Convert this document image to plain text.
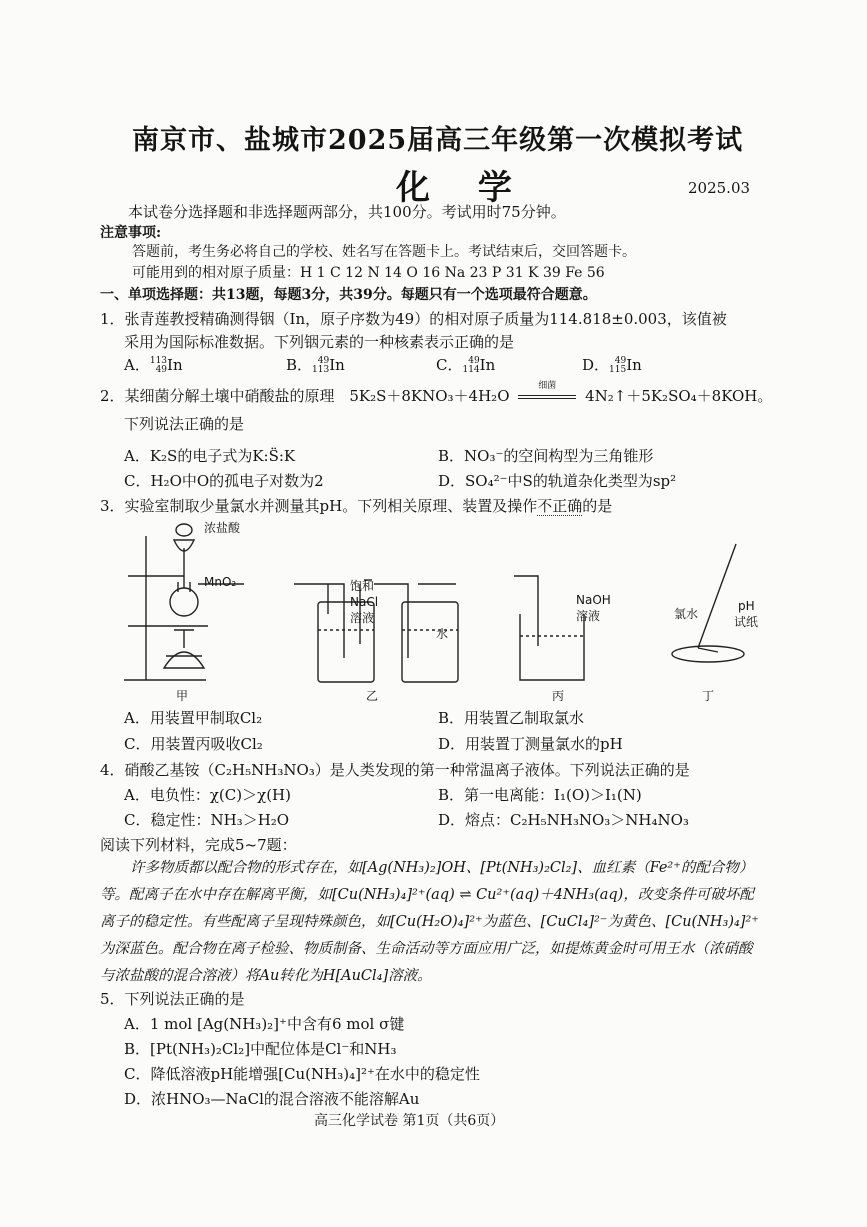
南京市、盐城市2025届高三年级第一次模拟考试
化 学	2025.03
本试卷分选择题和非选择题两部分，共100分。考试用时75分钟。
注意事项:
答题前，考生务必将自己的学校、姓名写在答题卡上。考试结束后，交回答题卡。
可能用到的相对原子质量：H 1 C 12 N 14 O 16 Na 23 P 31 K 39 Fe 56
一、单项选择题：共13题，每题3分，共39分。每题只有一个选项最符合题意。
1．张青莲教授精确测得铟（In，原子序数为49）的相对原子质量为114.818±0.003，该值被
采用为国际标准数据。下列铟元素的一种核素表示正确的是
A．113
49In	B． 49
113In	C． 49
114In	D． 49
115In
2．某细菌分解土壤中硝酸盐的原理 5K₂S＋8KNO₃＋4H₂O
细菌
4N₂↑＋5K₂SO₄＋8KOH。
下列说法正确的是
A．K₂S的电子式为K:S̈:K	B．NO₃⁻的空间构型为三角锥形
C．H₂O中O的孤电子对数为2	D．SO₄²⁻中S的轨道杂化类型为sp²
3．实验室制取少量氯水并测量其pH。下列相关原理、装置及操作不正确的是
浓盐酸
MnO₂	饱和
NaCl
溶液
水
NaOH
溶液	氯水
pH
试纸
甲	乙	丙	丁
A．用装置甲制取Cl₂	B．用装置乙制取氯水
C．用装置丙吸收Cl₂	D．用装置丁测量氯水的pH
4．硝酸乙基铵（C₂H₅NH₃NO₃）是人类发现的第一种常温离子液体。下列说法正确的是
A．电负性：χ(C)＞χ(H)	B．第一电离能：I₁(O)＞I₁(N)
C．稳定性：NH₃＞H₂O	D．熔点：C₂H₅NH₃NO₃＞NH₄NO₃
阅读下列材料，完成5~7题：
许多物质都以配合物的形式存在，如[Ag(NH₃)₂]OH、[Pt(NH₃)₂Cl₂]、血红素（Fe²⁺的配合物）等。配离子在水中存在解离平衡，如[Cu(NH₃)₄]²⁺(aq) ⇌ Cu²⁺(aq)＋4NH₃(aq)，改变条件可破坏配离子的稳定性。有些配离子呈现特殊颜色，如[Cu(H₂O)₄]²⁺为蓝色、[CuCl₄]²⁻为黄色、[Cu(NH₃)₄]²⁺为深蓝色。配合物在离子检验、物质制备、生命活动等方面应用广泛，如提炼黄金时可用王水（浓硝酸与浓盐酸的混合溶液）将Au转化为H[AuCl₄]溶液。
5．下列说法正确的是
A．1 mol [Ag(NH₃)₂]⁺中含有6 mol σ键
B．[Pt(NH₃)₂Cl₂]中配位体是Cl⁻和NH₃
C．降低溶液pH能增强[Cu(NH₃)₄]²⁺在水中的稳定性
D．浓HNO₃—NaCl的混合溶液不能溶解Au
高三化学试卷 第1页（共6页）
